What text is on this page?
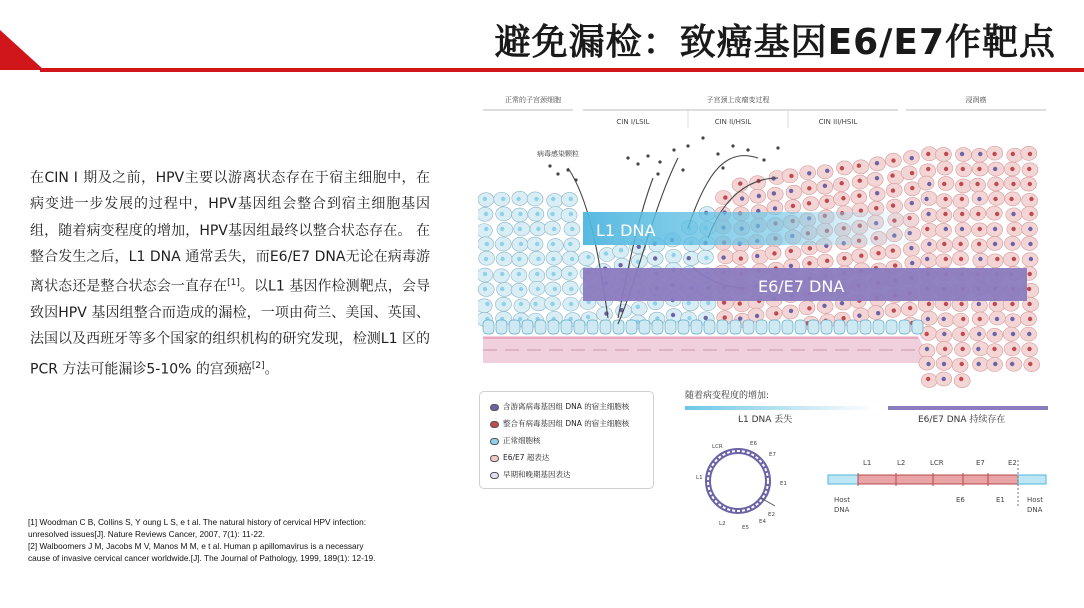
避免漏检：致癌基因E6/E7作靶点
在CIN Ⅰ 期及之前，HPV主要以游离状态存在于宿主细胞中，在病变进一步发展的过程中，HPV基因组会整合到宿主细胞基因组，随着病变程度的增加，HPV基因组最终以整合状态存在。 在整合发生之后，L1 DNA 通常丢失，而E6/E7 DNA无论在病毒游离状态还是整合状态会一直存在[1]。以L1 基因作检测靶点，会导致因HPV 基因组整合而造成的漏检，一项由荷兰、美国、英国、法国以及西班牙等多个国家的组织机构的研究发现，检测L1 区的PCR 方法可能漏诊5-10% 的宫颈癌[2]。
[1] Woodman C B, Collins S, Y oung L S, e t al. The natural history of cervical HPV infection:
unresolved issues[J]. Nature Reviews Cancer, 2007, 7(1): 11-22.
[2] Walboomers J M, Jacobs M V, Manos M M, e t al. Human p apillomavirus is a necessary
cause of invasive cervical cancer worldwide.[J]. The Journal of Pathology, 1999, 189(1): 12-19.
正常的子宫颈细胞	子宫颈上皮瘤变过程	浸润癌
CIN I/LSIL	CIN II/HSIL	CIN III/HSIL
病毒感染颗粒
L1 DNA
E6/E7 DNA
随着病变程度的增加:
L1 DNA 丢失	E6/E7 DNA 持续存在
LCR	E6
E7
E1
E2
E4
E5
L2
L1
L1	L2	LCR	E7	E2
E6	E1
Host
DNA
Host
DNA
含游离病毒基因组 DNA 的宿主细胞核
整合有病毒基因组 DNA 的宿主细胞核
正常细胞核
E6/E7 超表达
早期和晚期基因表达
